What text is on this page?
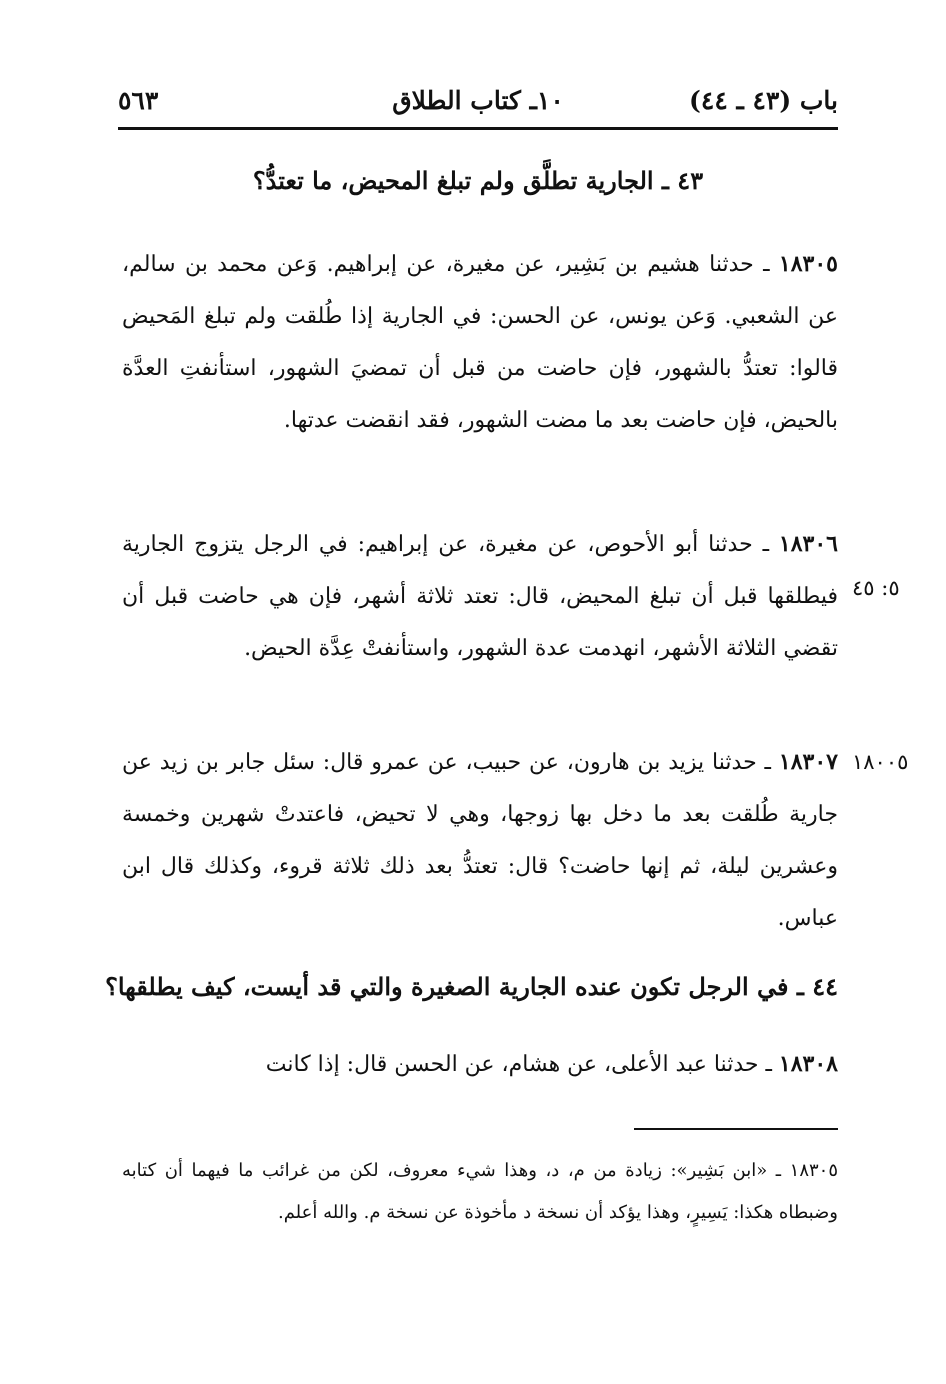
باب (٤٣ ـ ٤٤)
١٠ـ كتاب الطلاق
٥٦٣
٤٣ ـ الجارية تطلَّق ولم تبلغ المحيض، ما تعتدُّ؟
١٨٣٠٥ ـ حدثنا هشيم بن بَشِير، عن مغيرة، عن إبراهيم. وَعن محمد بن سالم، عن الشعبي. وَعن يونس، عن الحسن: في الجارية إذا طُلقت ولم تبلغ المَحيض قالوا: تعتدُّ بالشهور، فإن حاضت من قبل أن تمضيَ الشهور، استأنفتِ العدَّة بالحيض، فإن حاضت بعد ما مضت الشهور، فقد انقضت عدتها.
١٨٣٠٦ ـ حدثنا أبو الأحوص، عن مغيرة، عن إبراهيم: في الرجل يتزوج الجارية فيطلقها قبل أن تبلغ المحيض، قال: تعتد ثلاثة أشهر، فإن هي حاضت قبل أن تقضي الثلاثة الأشهر، انهدمت عدة الشهور، واستأنفتْ عِدَّة الحيض.
٥: ٤٥
١٨٣٠٧ ـ حدثنا يزيد بن هارون، عن حبيب، عن عمرو قال: سئل جابر بن زيد عن جارية طُلقت بعد ما دخل بها زوجها، وهي لا تحيض، فاعتدتْ شهرين وخمسة وعشرين ليلة، ثم إنها حاضت؟ قال: تعتدُّ بعد ذلك ثلاثة قروء، وكذلك قال ابن عباس.
١٨٠٠٥
٤٤ ـ في الرجل تكون عنده الجارية الصغيرة والتي قد أيست، كيف يطلقها؟
١٨٣٠٨ ـ حدثنا عبد الأعلى، عن هشام، عن الحسن قال: إذا كانت
١٨٣٠٥ ـ «ابن بَشِير»: زيادة من م، د، وهذا شيء معروف، لكن من غرائب ما فيهما أن كتابه وضبطاه هكذا: يَسِيرٍ، وهذا يؤكد أن نسخة د مأخوذة عن نسخة م. والله أعلم.
